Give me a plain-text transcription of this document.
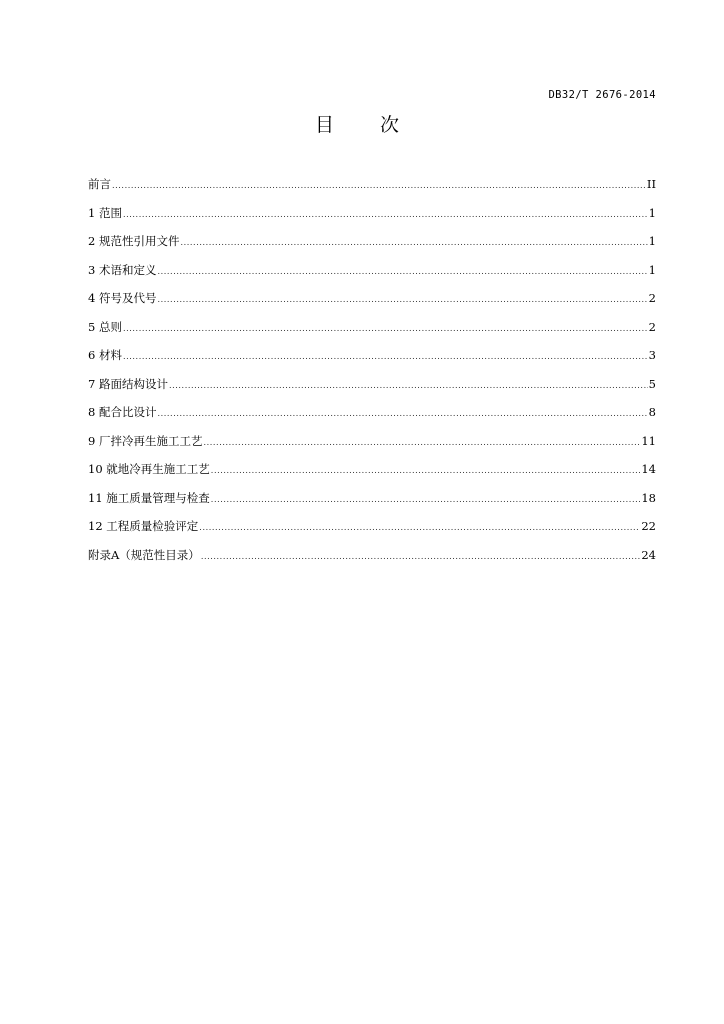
DB32/T 2676-2014
目 次
前言 .....	II
1 范围 .....	1
2 规范性引用文件 .....	1
3 术语和定义 .....	1
4 符号及代号 .....	2
5 总则 .....	2
6 材料 .....	3
7 路面结构设计 .....	5
8 配合比设计 .....	8
9 厂拌冷再生施工工艺 .....	11
10 就地冷再生施工工艺 .....	14
11 施工质量管理与检查 .....	18
12 工程质量检验评定 .....	22
附录A（规范性目录） .....	24
